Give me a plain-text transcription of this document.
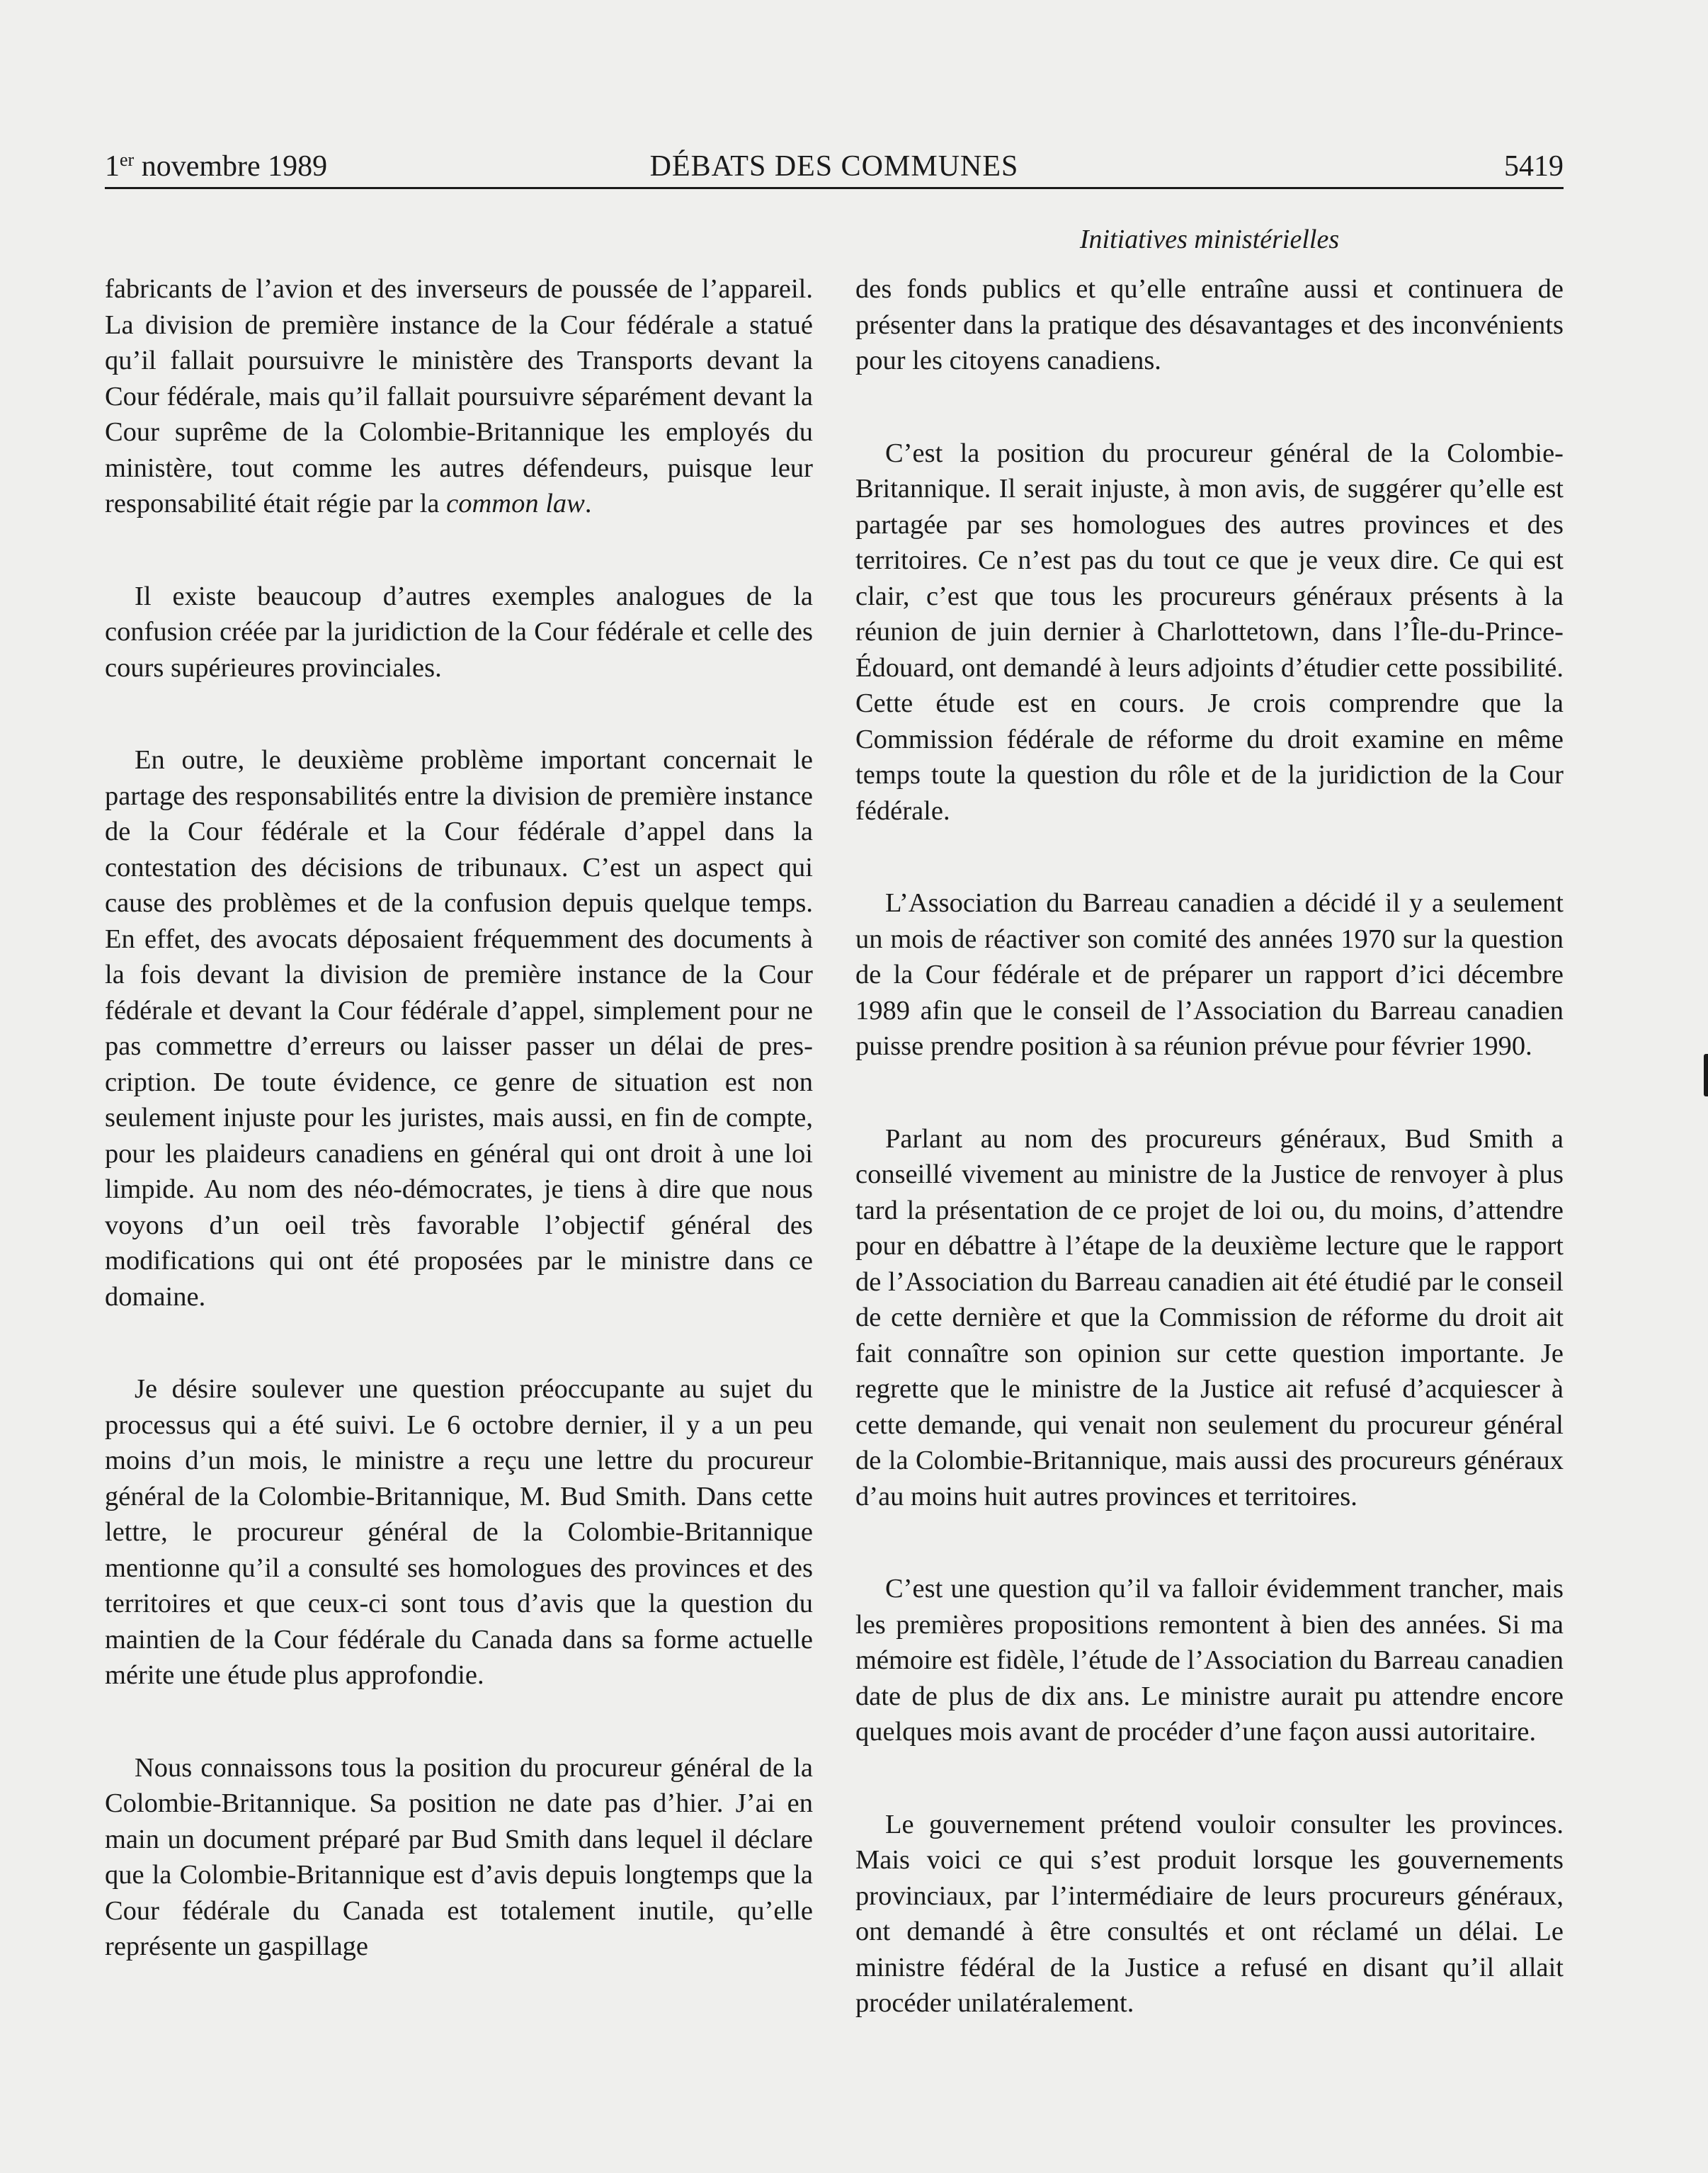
1er novembre 1989	DÉBATS DES COMMUNES	5419
Initiatives ministérielles

fabricants de l’avion et des inverseurs de poussée de l’appareil. La division de première instance de la Cour fédérale a statué qu’il fallait poursuivre le ministère des Transports devant la Cour fédérale, mais qu’il fallait poursuivre séparément devant la Cour suprême de la Colombie-Britannique les employés du ministère, tout comme les autres défendeurs, puisque leur responsabilité était régie par la common law.

Il existe beaucoup d’autres exemples analogues de la confusion créée par la juridiction de la Cour fédérale et celle des cours supérieures provinciales.

En outre, le deuxième problème important concernait le partage des responsabilités entre la division de première instance de la Cour fédérale et la Cour fédérale d’appel dans la contestation des décisions de tribunaux. C’est un aspect qui cause des problèmes et de la confusion depuis quelque temps. En effet, des avocats déposaient fréquemment des documents à la fois devant la division de première instance de la Cour fédérale et devant la Cour fédérale d’appel, simplement pour ne pas commettre d’erreurs ou laisser passer un délai de prescription. De toute évidence, ce genre de situation est non seulement injuste pour les juristes, mais aussi, en fin de compte, pour les plaideurs canadiens en général qui ont droit à une loi limpide. Au nom des néo-démocrates, je tiens à dire que nous voyons d’un oeil très favorable l’objectif général des modifications qui ont été proposées par le ministre dans ce domaine.

Je désire soulever une question préoccupante au sujet du processus qui a été suivi. Le 6 octobre dernier, il y a un peu moins d’un mois, le ministre a reçu une lettre du procureur général de la Colombie-Britannique, M. Bud Smith. Dans cette lettre, le procureur général de la Colombie-Britannique mentionne qu’il a consulté ses homologues des provinces et des territoires et que ceux-ci sont tous d’avis que la question du maintien de la Cour fédérale du Canada dans sa forme actuelle mérite une étude plus approfondie.

Nous connaissons tous la position du procureur général de la Colombie-Britannique. Sa position ne date pas d’hier. J’ai en main un document préparé par Bud Smith dans lequel il déclare que la Colombie-Britannique est d’avis depuis longtemps que la Cour fédérale du Canada est totalement inutile, qu’elle représente un gaspillage

des fonds publics et qu’elle entraîne aussi et continuera de présenter dans la pratique des désavantages et des inconvénients pour les citoyens canadiens.

C’est la position du procureur général de la Colombie-Britannique. Il serait injuste, à mon avis, de suggérer qu’elle est partagée par ses homologues des autres provinces et des territoires. Ce n’est pas du tout ce que je veux dire. Ce qui est clair, c’est que tous les procureurs généraux présents à la réunion de juin dernier à Charlottetown, dans l’Île-du-Prince-Édouard, ont demandé à leurs adjoints d’étudier cette possibilité. Cette étude est en cours. Je crois comprendre que la Commission fédérale de réforme du droit examine en même temps toute la question du rôle et de la juridiction de la Cour fédérale.

L’Association du Barreau canadien a décidé il y a seulement un mois de réactiver son comité des années 1970 sur la question de la Cour fédérale et de préparer un rapport d’ici décembre 1989 afin que le conseil de l’Association du Barreau canadien puisse prendre position à sa réunion prévue pour février 1990.

Parlant au nom des procureurs généraux, Bud Smith a conseillé vivement au ministre de la Justice de renvoyer à plus tard la présentation de ce projet de loi ou, du moins, d’attendre pour en débattre à l’étape de la deuxième lecture que le rapport de l’Association du Barreau canadien ait été étudié par le conseil de cette dernière et que la Commission de réforme du droit ait fait connaître son opinion sur cette question importante. Je regrette que le ministre de la Justice ait refusé d’acquiescer à cette demande, qui venait non seulement du procureur général de la Colombie-Britannique, mais aussi des procureurs généraux d’au moins huit autres provinces et territoires.

C’est une question qu’il va falloir évidemment trancher, mais les premières propositions remontent à bien des années. Si ma mémoire est fidèle, l’étude de l’Association du Barreau canadien date de plus de dix ans. Le ministre aurait pu attendre encore quelques mois avant de procéder d’une façon aussi autoritaire.

Le gouvernement prétend vouloir consulter les provinces. Mais voici ce qui s’est produit lorsque les gouvernements provinciaux, par l’intermédiaire de leurs procureurs généraux, ont demandé à être consultés et ont réclamé un délai. Le ministre fédéral de la Justice a refusé en disant qu’il allait procéder unilatéralement.
